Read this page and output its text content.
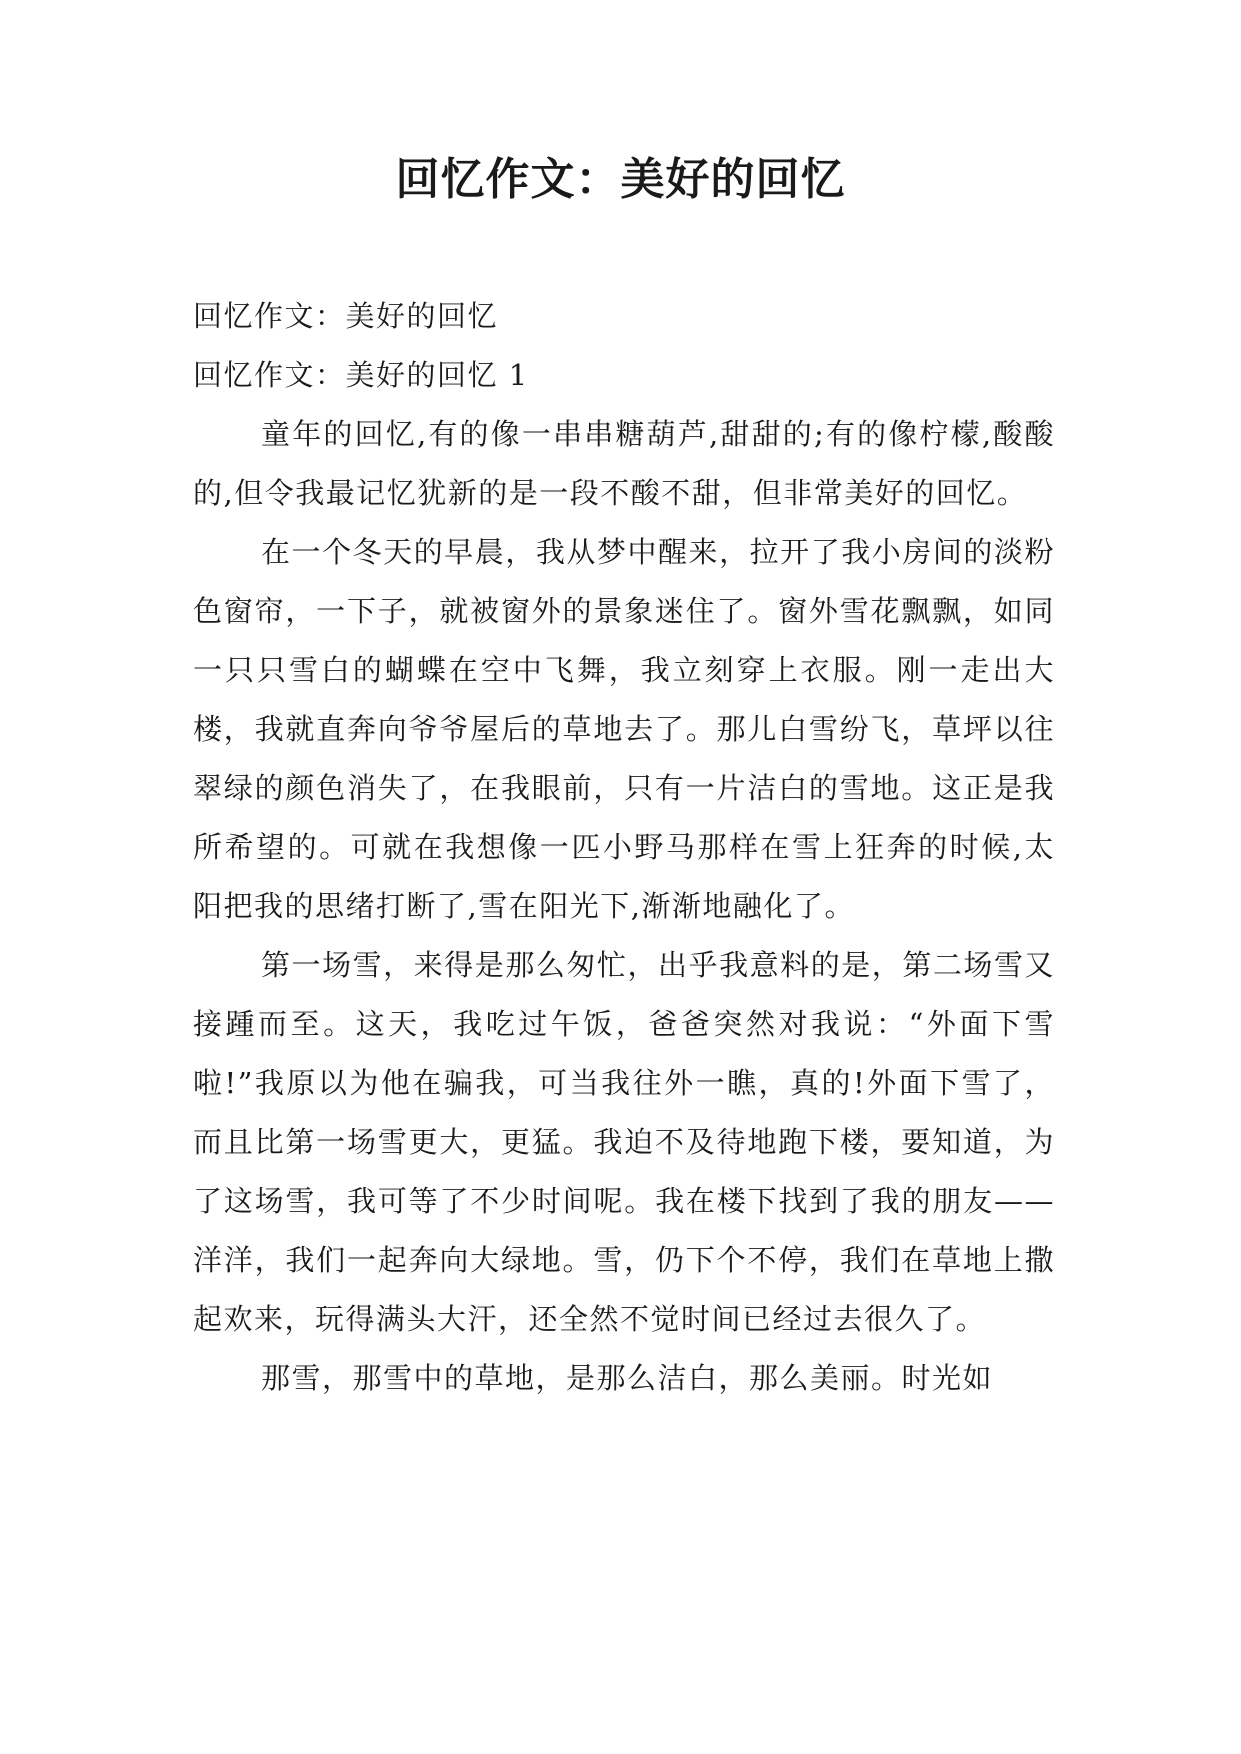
回忆作文：美好的回忆

回忆作文：美好的回忆

回忆作文：美好的回忆 1

童年的回忆,有的像一串串糖葫芦,甜甜的;有的像柠檬,酸酸的,但令我最记忆犹新的是一段不酸不甜，但非常美好的回忆。

在一个冬天的早晨，我从梦中醒来，拉开了我小房间的淡粉色窗帘，一下子，就被窗外的景象迷住了。窗外雪花飘飘，如同一只只雪白的蝴蝶在空中飞舞，我立刻穿上衣服。刚一走出大楼，我就直奔向爷爷屋后的草地去了。那儿白雪纷飞，草坪以往翠绿的颜色消失了，在我眼前，只有一片洁白的雪地。这正是我所希望的。可就在我想像一匹小野马那样在雪上狂奔的时候,太阳把我的思绪打断了,雪在阳光下,渐渐地融化了。

第一场雪，来得是那么匆忙，出乎我意料的是，第二场雪又接踵而至。这天，我吃过午饭，爸爸突然对我说：“外面下雪啦!”我原以为他在骗我，可当我往外一瞧，真的!外面下雪了，而且比第一场雪更大，更猛。我迫不及待地跑下楼，要知道，为了这场雪，我可等了不少时间呢。我在楼下找到了我的朋友——洋洋，我们一起奔向大绿地。雪，仍下个不停，我们在草地上撒起欢来，玩得满头大汗，还全然不觉时间已经过去很久了。

那雪，那雪中的草地，是那么洁白，那么美丽。时光如
